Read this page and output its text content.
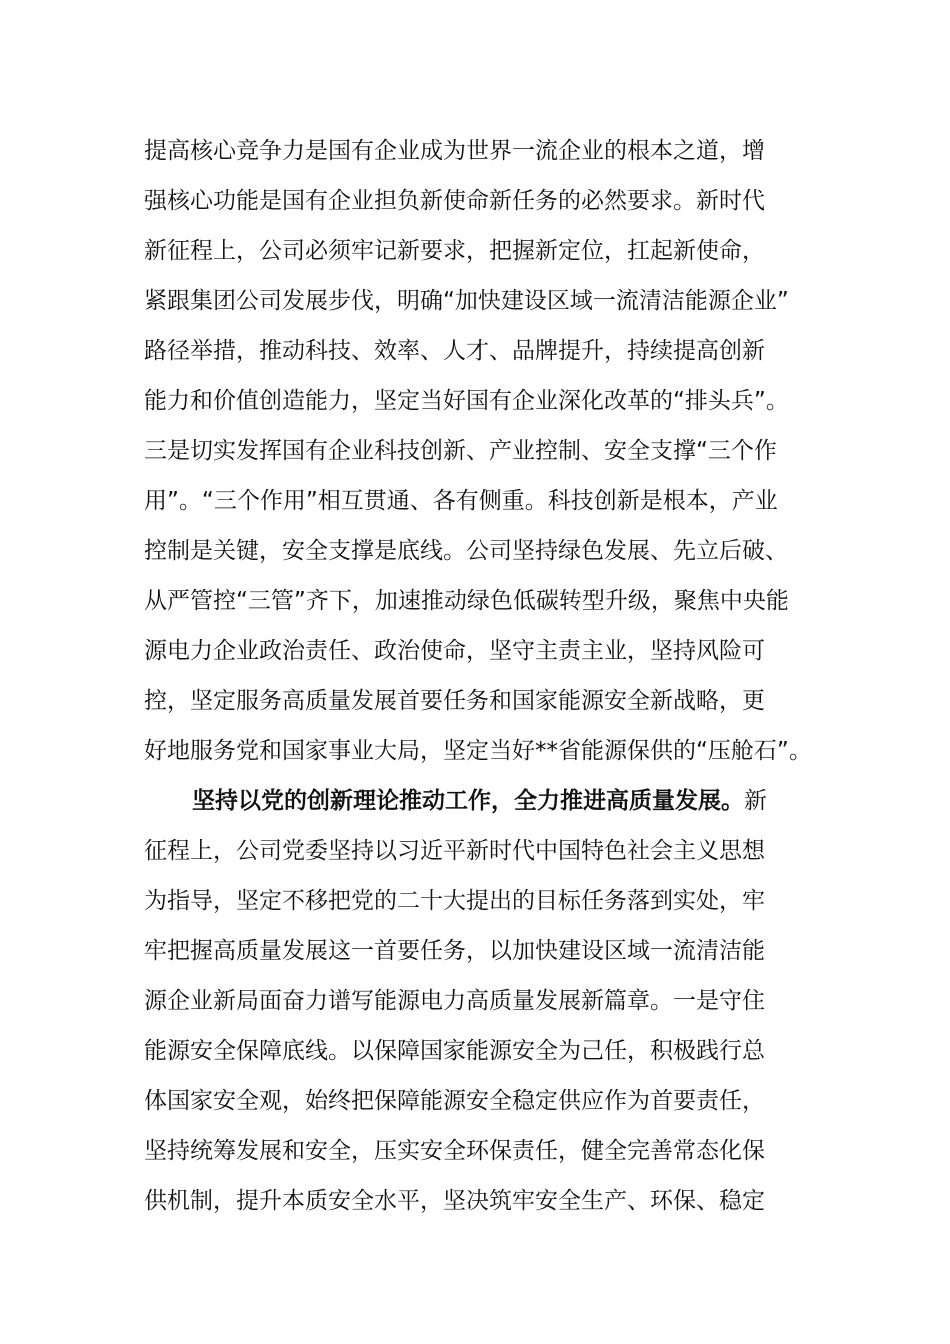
提高核心竞争力是国有企业成为世界一流企业的根本之道，增
强核心功能是国有企业担负新使命新任务的必然要求。新时代
新征程上，公司必须牢记新要求，把握新定位，扛起新使命，
紧跟集团公司发展步伐，明确“加快建设区域一流清洁能源企业”
路径举措，推动科技、效率、人才、品牌提升，持续提高创新
能力和价值创造能力，坚定当好国有企业深化改革的“排头兵”。
三是切实发挥国有企业科技创新、产业控制、安全支撑“三个作
用”。“三个作用”相互贯通、各有侧重。科技创新是根本，产业
控制是关键，安全支撑是底线。公司坚持绿色发展、先立后破、
从严管控“三管”齐下，加速推动绿色低碳转型升级，聚焦中央能
源电力企业政治责任、政治使命，坚守主责主业，坚持风险可
控，坚定服务高质量发展首要任务和国家能源安全新战略，更
好地服务党和国家事业大局，坚定当好**省能源保供的“压舱石”。
坚持以党的创新理论推动工作，全力推进高质量发展。新
征程上，公司党委坚持以习近平新时代中国特色社会主义思想
为指导，坚定不移把党的二十大提出的目标任务落到实处，牢
牢把握高质量发展这一首要任务，以加快建设区域一流清洁能
源企业新局面奋力谱写能源电力高质量发展新篇章。一是守住
能源安全保障底线。以保障国家能源安全为己任，积极践行总
体国家安全观，始终把保障能源安全稳定供应作为首要责任，
坚持统筹发展和安全，压实安全环保责任，健全完善常态化保
供机制，提升本质安全水平，坚决筑牢安全生产、环保、稳定
